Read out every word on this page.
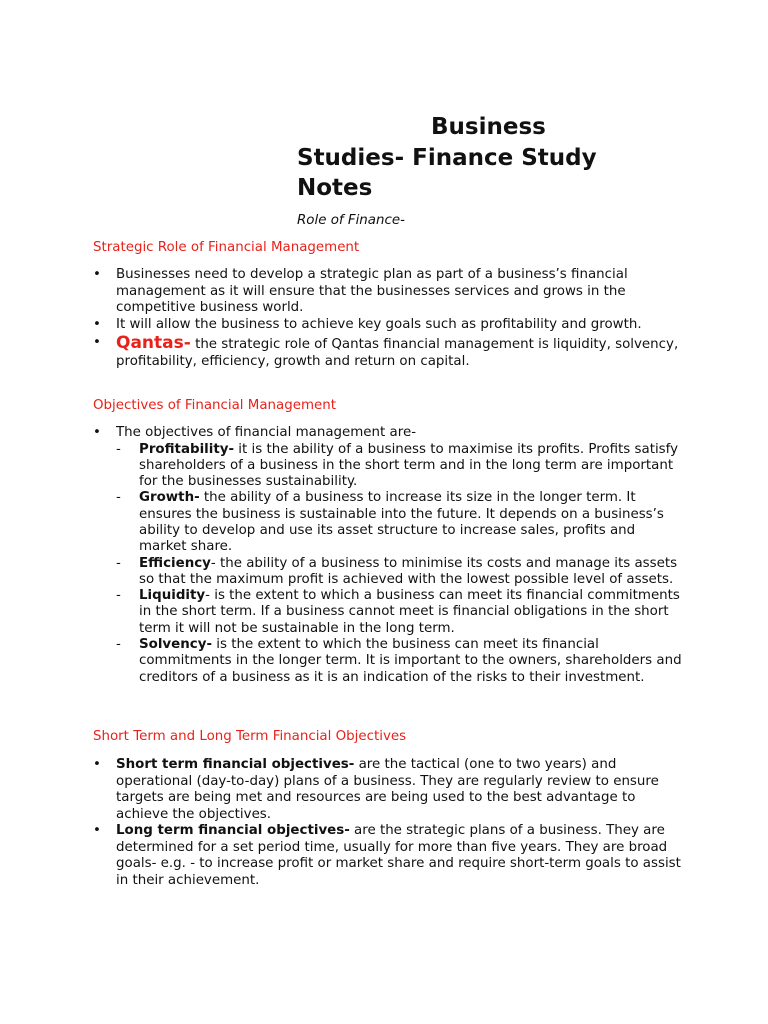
Business
Studies- Finance Study
Notes

Role of Finance-

Strategic Role of Financial Management
• Businesses need to develop a strategic plan as part of a business’s financial management as it will ensure that the businesses services and grows in the competitive business world.
• It will allow the business to achieve key goals such as profitability and growth.
• Qantas- the strategic role of Qantas financial management is liquidity, solvency, profitability, efficiency, growth and return on capital.
Objectives of Financial Management
• The objectives of financial management are-
- Profitability- it is the ability of a business to maximise its profits. Profits satisfy shareholders of a business in the short term and in the long term are important for the businesses sustainability.
- Growth- the ability of a business to increase its size in the longer term. It ensures the business is sustainable into the future. It depends on a business’s ability to develop and use its asset structure to increase sales, profits and market share.
- Efficiency- the ability of a business to minimise its costs and manage its assets so that the maximum profit is achieved with the lowest possible level of assets.
- Liquidity- is the extent to which a business can meet its financial commitments in the short term. If a business cannot meet is financial obligations in the short term it will not be sustainable in the long term.
- Solvency- is the extent to which the business can meet its financial commitments in the longer term. It is important to the owners, shareholders and creditors of a business as it is an indication of the risks to their investment.
Short Term and Long Term Financial Objectives
• Short term financial objectives- are the tactical (one to two years) and operational (day-to-day) plans of a business. They are regularly review to ensure targets are being met and resources are being used to the best advantage to achieve the objectives.
• Long term financial objectives- are the strategic plans of a business. They are determined for a set period time, usually for more than five years. They are broad goals- e.g. - to increase profit or market share and require short-term goals to assist in their achievement.
